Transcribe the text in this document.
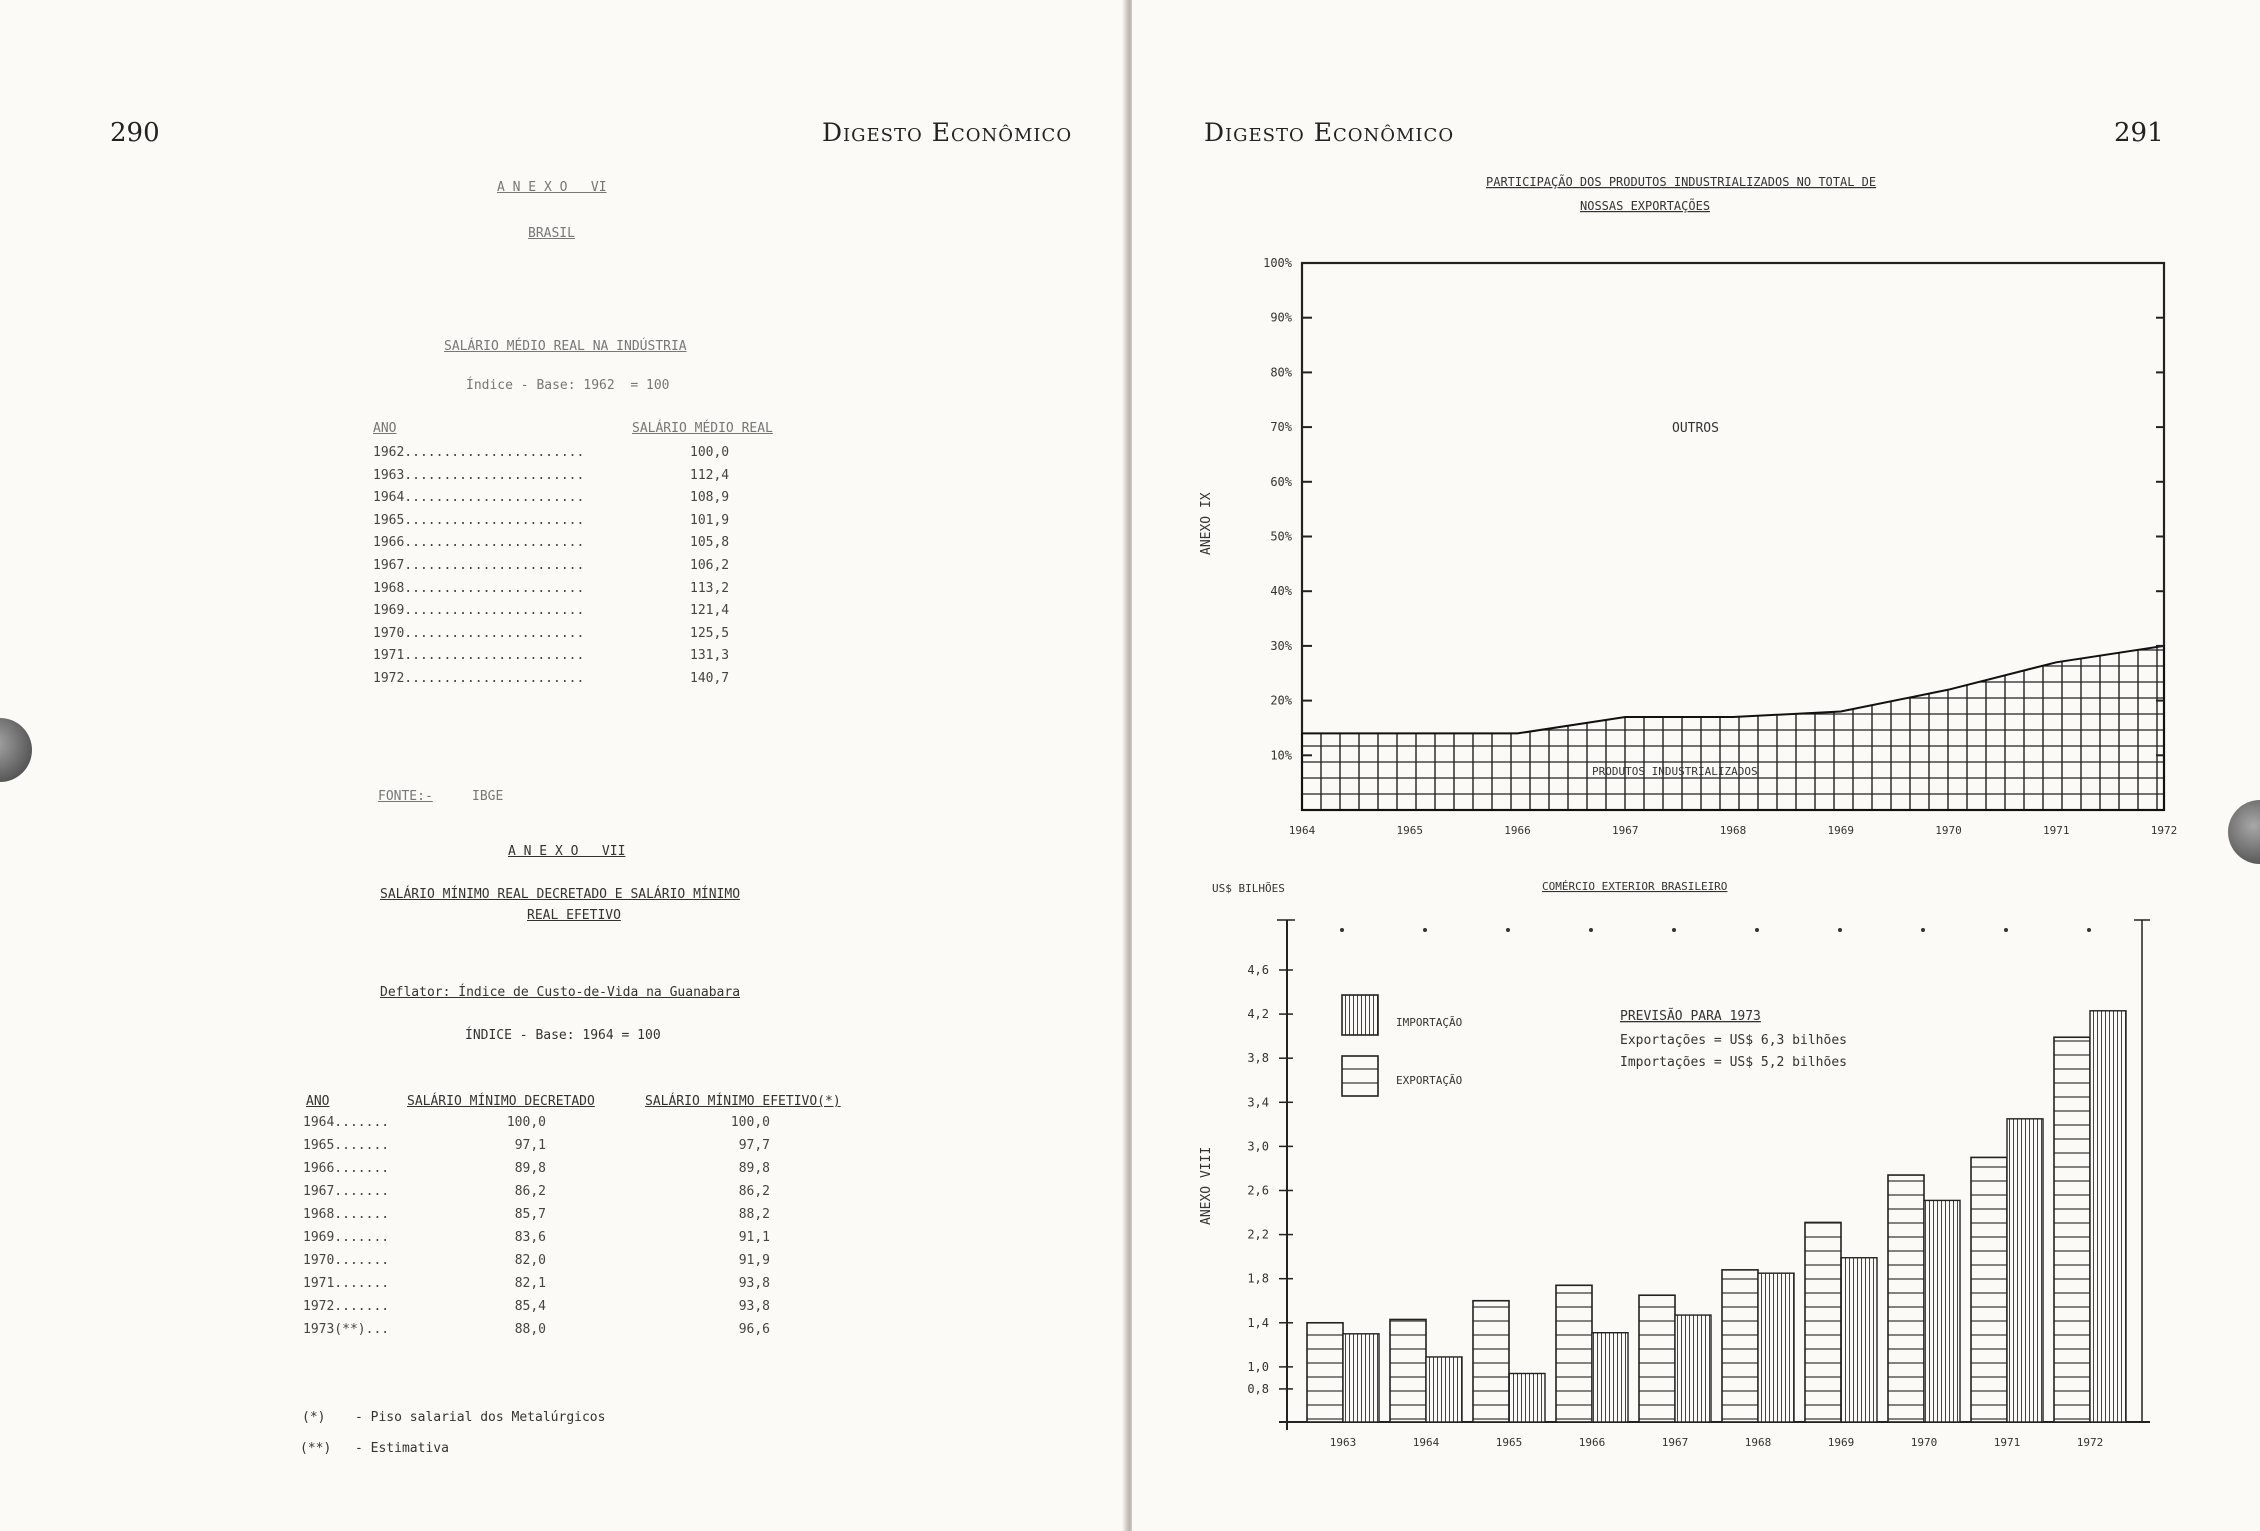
290	Digesto Econômico
A N E X O   VI
BRASIL
SALÁRIO MÉDIO REAL NA INDÚSTRIA
Índice - Base: 1962  = 100
ANO	SALÁRIO MÉDIO REAL
FONTE:-	IBGE
A N E X O   VII
SALÁRIO MÍNIMO REAL DECRETADO E SALÁRIO MÍNIMO
REAL EFETIVO
Deflator: Índice de Custo-de-Vida na Guanabara
ÍNDICE - Base: 1964 = 100
ANO	SALÁRIO MÍNIMO DECRETADO	SALÁRIO MÍNIMO EFETIVO(*)
(*) - Piso salarial dos Metalúrgicos
(**) - Estimativa
1962.......................	100,0
1963.......................	112,4
1964.......................	108,9
1965.......................	101,9
1966.......................	105,8
1967.......................	106,2
1968.......................	113,2
1969.......................	121,4
1970.......................	125,5
1971.......................	131,3
1972.......................	140,7
1964.......	100,0	100,0
1965.......	97,1	97,7
1966.......	89,8	89,8
1967.......	86,2	86,2
1968.......	85,7	88,2
1969.......	83,6	91,1
1970.......	82,0	91,9
1971.......	82,1	93,8
1972.......	85,4	93,8
1973(**)...	88,0	96,6
Digesto Econômico	291
PARTICIPAÇÃO DOS PRODUTOS INDUSTRIALIZADOS NO TOTAL DE
NOSSAS EXPORTAÇÕES
ANEXO IX
OUTROS
PRODUTOS INDUSTRIALIZADOS
10%
20%
30%
40%
50%
60%
70%
80%
90%
100%
1964	1965	1966	1967	1968	1969	1970	1971	1972
US$ BILHÕES	COMÉRCIO EXTERIOR BRASILEIRO
ANEXO VIII
PREVISÃO PARA 1973
Exportações = US$ 6,3 bilhões
Importações = US$ 5,2 bilhões
IMPORTAÇÃO
EXPORTAÇÃO
0,8
1,0
1,4
1,8
2,2
2,6
3,0
3,4
3,8
4,2
4,6
1963	1964	1965	1966	1967	1968	1969	1970	1971	1972
